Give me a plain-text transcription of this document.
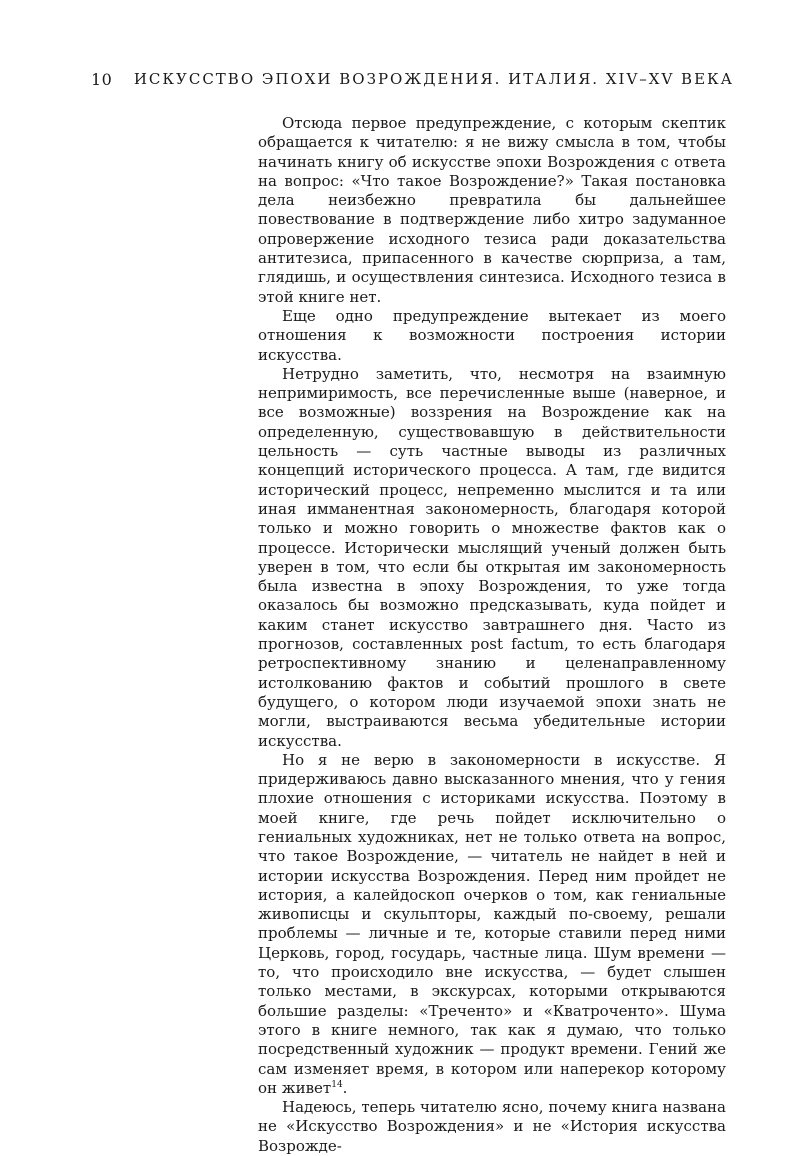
10 ИСКУССТВО ЭПОХИ ВОЗРОЖДЕНИЯ. ИТАЛИЯ. XIV–XV ВЕКА

Отсюда первое предупреждение, с которым скептик обращается к читателю: я не вижу смысла в том, чтобы начинать книгу об искусстве эпохи Возрождения с ответа на вопрос: «Что такое Возрождение?» Такая постановка дела неизбежно превратила бы дальнейшее повествование в подтверждение либо хитро задуманное опровержение исходного тезиса ради доказательства антитезиса, припасенного в качестве сюрприза, а там, глядишь, и осуществления синтезиса. Исходного тезиса в этой книге нет.

Еще одно предупреждение вытекает из моего отношения к возможности построения истории искусства.

Нетрудно заметить, что, несмотря на взаимную непримиримость, все перечисленные выше (наверное, и все возможные) воззрения на Возрождение как на определенную, существовавшую в действительности цельность — суть частные выводы из различных концепций исторического процесса. А там, где видится исторический процесс, непременно мыслится и та или иная имманентная закономерность, благодаря которой только и можно говорить о множестве фактов как о процессе. Исторически мыслящий ученый должен быть уверен в том, что если бы открытая им закономерность была известна в эпоху Возрождения, то уже тогда оказалось бы возможно предсказывать, куда пойдет и каким станет искусство завтрашнего дня. Часто из прогнозов, составленных post factum, то есть благодаря ретроспективному знанию и целенаправленному истолкованию фактов и событий прошлого в свете будущего, о котором люди изучаемой эпохи знать не могли, выстраиваются весьма убедительные истории искусства.

Но я не верю в закономерности в искусстве. Я придерживаюсь давно высказанного мнения, что у гения плохие отношения с историками искусства. Поэтому в моей книге, где речь пойдет исключительно о гениальных художниках, нет не только ответа на вопрос, что такое Возрождение, — читатель не найдет в ней и истории искусства Возрождения. Перед ним пройдет не история, а калейдоскоп очерков о том, как гениальные живописцы и скульпторы, каждый по-своему, решали проблемы — личные и те, которые ставили перед ними Церковь, город, государь, частные лица. Шум времени — то, что происходило вне искусства, — будет слышен только местами, в экскурсах, которыми открываются большие разделы: «Треченто» и «Кватроченто». Шума этого в книге немного, так как я думаю, что только посредственный художник — продукт времени. Гений же сам изменяет время, в котором или наперекор которому он живет$^{14}$.

Надеюсь, теперь читателю ясно, почему книга названа не «Искусство Возрождения» и не «История искусства Возрожде-
